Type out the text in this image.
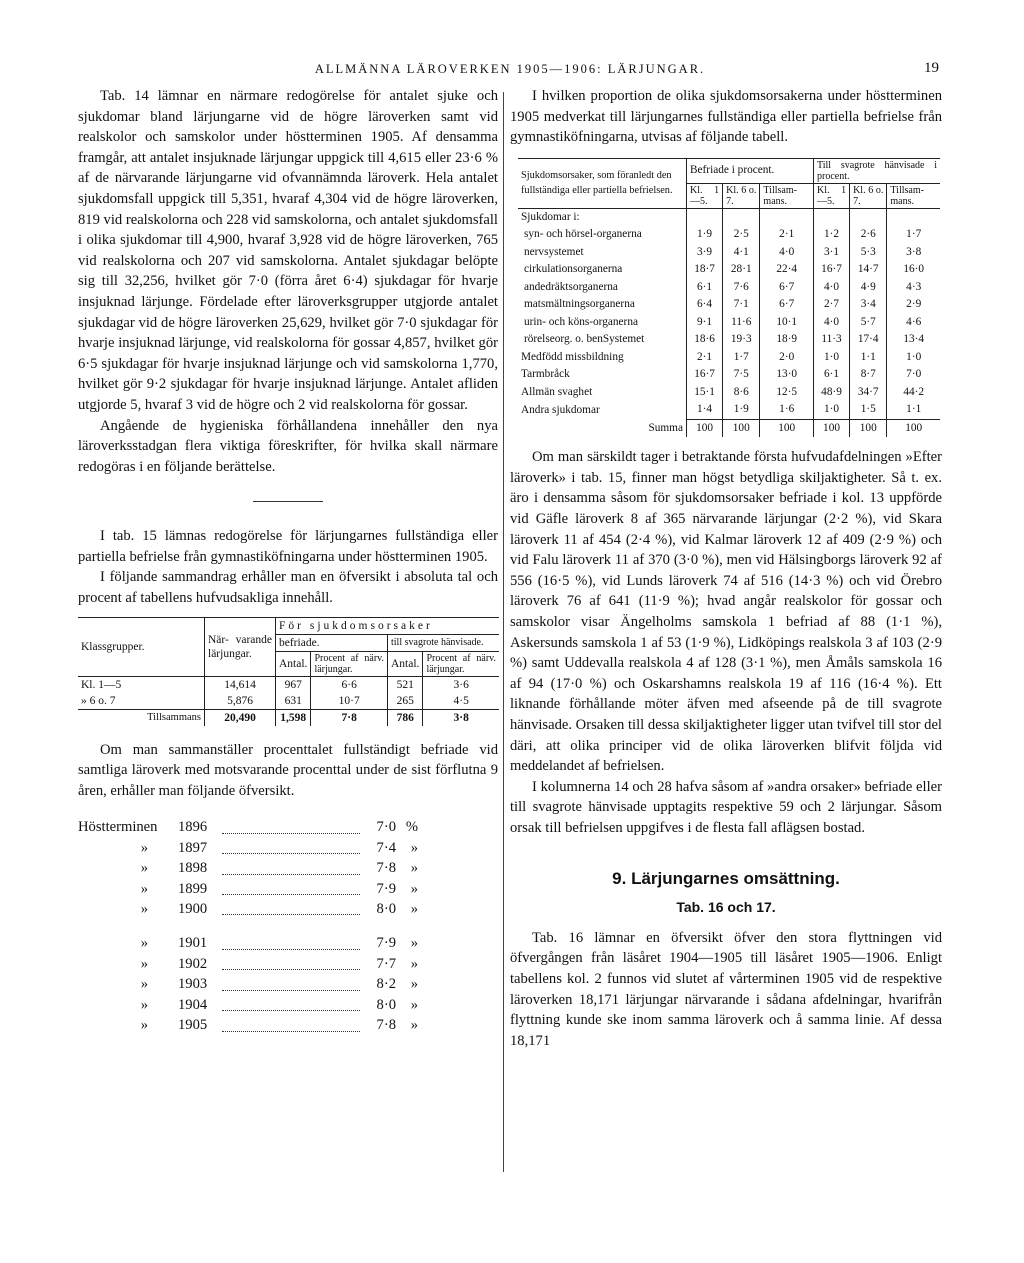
ALLMÄNNA LÄROVERKEN 1905—1906: LÄRJUNGAR.	19

Tab. 14 lämnar en närmare redogörelse för antalet sjuke och sjukdomar bland lärjungarne vid de högre läroverken samt vid realskolor och samskolor under höstterminen 1905. Af densamma framgår, att antalet insjuknade lärjungar uppgick till 4,615 eller 23·6 % af de närvarande lärjungarne vid ofvannämnda läroverk. Hela antalet sjukdomsfall uppgick till 5,351, hvaraf 4,304 vid de högre läroverken, 819 vid realskolorna och 228 vid samskolorna, och antalet sjukdomsfall i olika sjukdomar till 4,900, hvaraf 3,928 vid de högre läroverken, 765 vid realskolorna och 207 vid samskolorna. Antalet sjukdagar belöpte sig till 32,256, hvilket gör 7·0 (förra året 6·4) sjukdagar för hvarje insjuknad lärjunge. Fördelade efter läroverksgrupper utgjorde antalet sjukdagar vid de högre läroverken 25,629, hvilket gör 7·0 sjukdagar för hvarje insjuknad lärjunge, vid realskolorna för gossar 4,857, hvilket gör 6·5 sjukdagar för hvarje insjuknad lärjunge och vid samskolorna 1,770, hvilket gör 9·2 sjukdagar för hvarje insjuknad lärjunge. Antalet afliden utgjorde 5, hvaraf 3 vid de högre och 2 vid realskolorna för gossar.

Angående de hygieniska förhållandena innehåller den nya läroverksstadgan flera viktiga föreskrifter, för hvilka skall närmare redogöras i en följande berättelse.

I tab. 15 lämnas redogörelse för lärjungarnes fullständiga eller partiella befrielse från gymnastiköfningarna under höstterminen 1905.

I följande sammandrag erhåller man en öfversikt i absoluta tal och procent af tabellens hufvudsakliga innehåll.

Klassgrupper.	När- varande lärjungar.	För sjukdomsorsaker			
		befriade.		till svagrote hänvisade.	
		Antal.	Procent af närv. lärjungar.	Antal.	Procent af närv. lärjungar.
Kl. 1—5	14,614	967	6·6	521	3·6
» 6 o. 7	5,876	631	10·7	265	4·5
Tillsammans	20,490	1,598	7·8	786	3·8

Om man sammanställer procenttalet fullständigt befriade vid samtliga läroverk med motsvarande procenttal under de sist förflutna 9 åren, erhåller man följande öfversikt.

Höstterminen	1896	7·0 %
»	1897	7·4	»
»	1898	7·8	»
»	1899	7·9	»
»	1900	8·0	»
»	1901	7·9	»
»	1902	7·7	»
»	1903	8·2	»
»	1904	8·0	»
»	1905	7·8	»

I hvilken proportion de olika sjukdomsorsakerna under höstterminen 1905 medverkat till lärjungarnes fullständiga eller partiella befrielse från gymnastiköfningarna, utvisas af följande tabell.

Sjukdomsorsaker, som föranledt den fullständiga eller partiella befrielsen.	Befriade i procent.			Till svagrote hänvisade i procent.		
	Kl. 1—5.	Kl. 6 o. 7.	Tillsam- mans.	Kl. 1—5.	Kl. 6 o. 7.	Tillsam- mans.
Sjukdomar i:						
syn- och hörsel-organerna	1·9	2·5	2·1	1·2	2·6	1·7
nervsystemet	3·9	4·1	4·0	3·1	5·3	3·8
cirkulationsorganerna	18·7	28·1	22·4	16·7	14·7	16·0
andedräktsorganerna	6·1	7·6	6·7	4·0	4·9	4·3
matsmältningsorganerna	6·4	7·1	6·7	2·7	3·4	2·9
urin- och köns-organerna	9·1	11·6	10·1	4·0	5·7	4·6
rörelseorg. o. benSystemet	18·6	19·3	18·9	11·3	17·4	13·4
Medfödd missbildning	2·1	1·7	2·0	1·0	1·1	1·0
Tarmbråck	16·7	7·5	13·0	6·1	8·7	7·0
Allmän svaghet	15·1	8·6	12·5	48·9	34·7	44·2
Andra sjukdomar	1·4	1·9	1·6	1·0	1·5	1·1
Summa	100	100	100	100	100	100

Om man särskildt tager i betraktande första hufvudafdelningen »Efter läroverk» i tab. 15, finner man högst betydliga skiljaktigheter. Så t. ex. äro i densamma såsom för sjukdomsorsaker befriade i kol. 13 uppförde vid Gäfle läroverk 8 af 365 närvarande lärjungar (2·2 %), vid Skara läroverk 11 af 454 (2·4 %), vid Kalmar läroverk 12 af 409 (2·9 %) och vid Falu läroverk 11 af 370 (3·0 %), men vid Hälsingborgs läroverk 92 af 556 (16·5 %), vid Lunds läroverk 74 af 516 (14·3 %) och vid Örebro läroverk 76 af 641 (11·9 %); hvad angår realskolor för gossar och samskolor visar Ängelholms samskola 1 befriad af 88 (1·1 %), Askersunds samskola 1 af 53 (1·9 %), Lidköpings realskola 3 af 103 (2·9 %) samt Uddevalla realskola 4 af 128 (3·1 %), men Åmåls samskola 16 af 94 (17·0 %) och Oskarshamns realskola 19 af 116 (16·4 %). Ett liknande förhållande möter äfven med afseende på de till svagrote hänvisade. Orsaken till dessa skiljaktigheter ligger utan tvifvel till stor del däri, att olika principer vid de olika läroverken blifvit följda vid meddelandet af befrielsen.

I kolumnerna 14 och 28 hafva såsom af »andra orsaker» befriade eller till svagrote hänvisade upptagits respektive 59 och 2 lärjungar. Såsom orsak till befrielsen uppgifves i de flesta fall aflägsen bostad.

9. Lärjungarnes omsättning.
Tab. 16 och 17.

Tab. 16 lämnar en öfversikt öfver den stora flyttningen vid öfvergången från läsåret 1904—1905 till läsåret 1905—1906. Enligt tabellens kol. 2 funnos vid slutet af vårterminen 1905 vid de respektive läroverken 18,171 lärjungar närvarande i sådana afdelningar, hvarifrån flyttning kunde ske inom samma läroverk och å samma linie. Af dessa 18,171
